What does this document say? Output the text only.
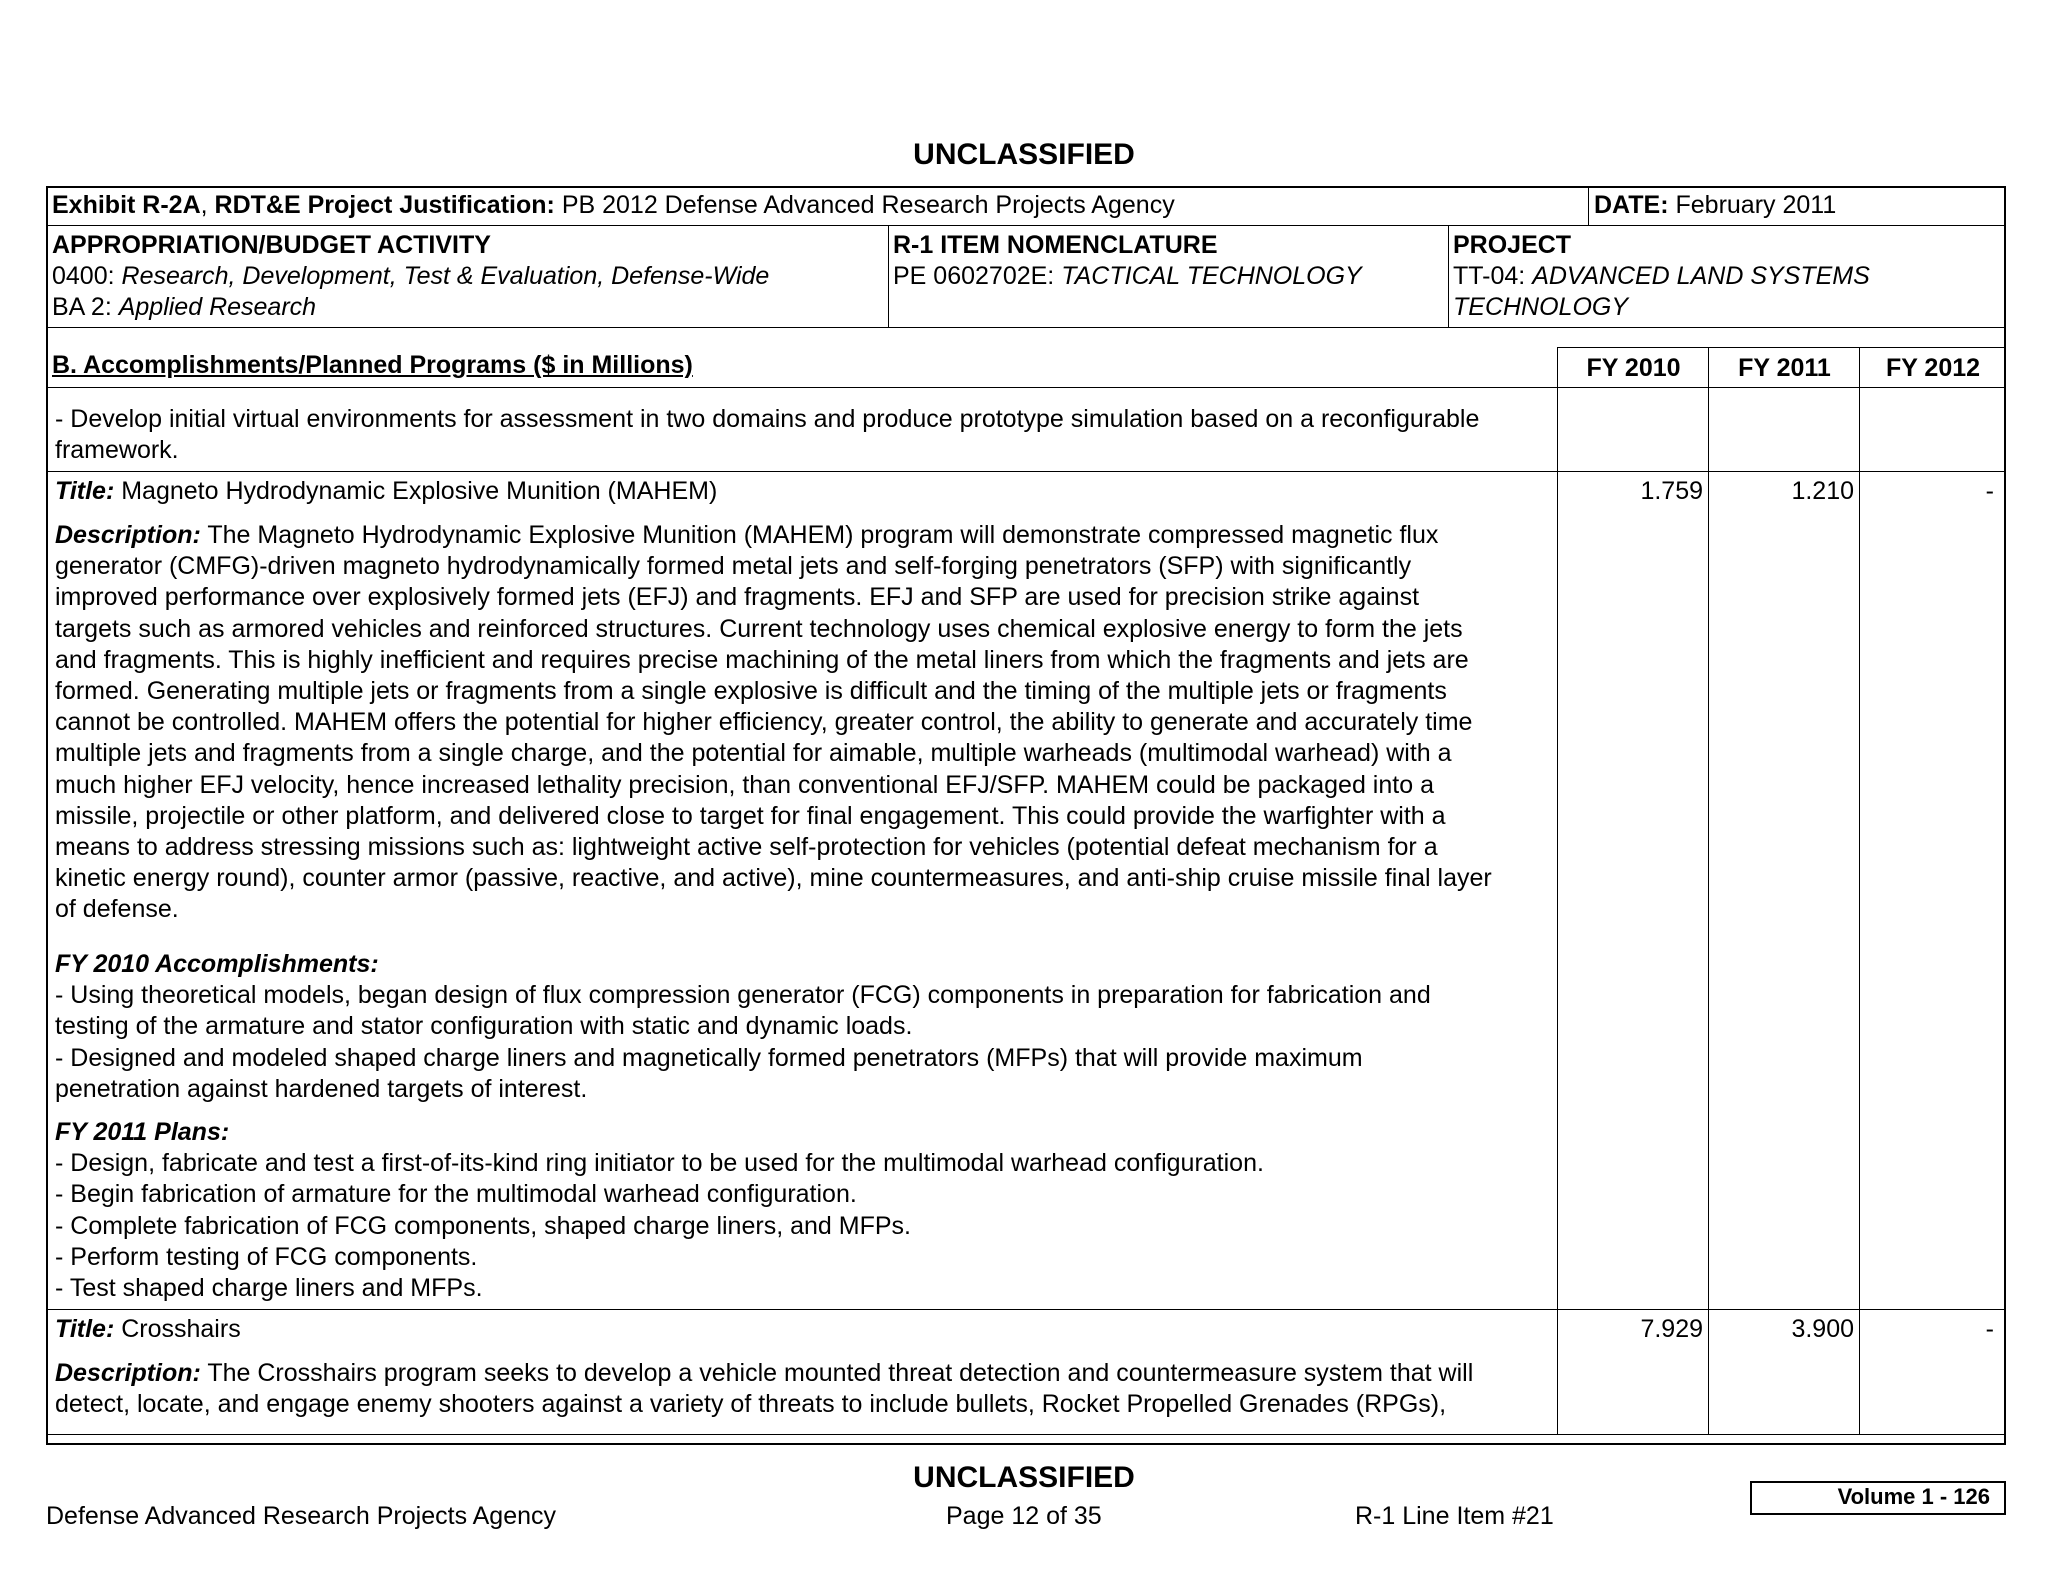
UNCLASSIFIED
Exhibit R-2A, RDT&E Project Justification: PB 2012 Defense Advanced Research Projects Agency	DATE: February 2011
APPROPRIATION/BUDGET ACTIVITY
0400: Research, Development, Test & Evaluation, Defense-Wide
BA 2: Applied Research
R-1 ITEM NOMENCLATURE
PE 0602702E: TACTICAL TECHNOLOGY
PROJECT
TT-04: ADVANCED LAND SYSTEMS
TECHNOLOGY
B. Accomplishments/Planned Programs ($ in Millions)	FY 2010	FY 2011	FY 2012
- Develop initial virtual environments for assessment in two domains and produce prototype simulation based on a reconfigurable
framework.
Title: Magneto Hydrodynamic Explosive Munition (MAHEM)	1.759	1.210	-
Description: The Magneto Hydrodynamic Explosive Munition (MAHEM) program will demonstrate compressed magnetic flux
generator (CMFG)-driven magneto hydrodynamically formed metal jets and self-forging penetrators (SFP) with significantly
improved performance over explosively formed jets (EFJ) and fragments. EFJ and SFP are used for precision strike against
targets such as armored vehicles and reinforced structures. Current technology uses chemical explosive energy to form the jets
and fragments. This is highly inefficient and requires precise machining of the metal liners from which the fragments and jets are
formed. Generating multiple jets or fragments from a single explosive is difficult and the timing of the multiple jets or fragments
cannot be controlled. MAHEM offers the potential for higher efficiency, greater control, the ability to generate and accurately time
multiple jets and fragments from a single charge, and the potential for aimable, multiple warheads (multimodal warhead) with a
much higher EFJ velocity, hence increased lethality precision, than conventional EFJ/SFP. MAHEM could be packaged into a
missile, projectile or other platform, and delivered close to target for final engagement. This could provide the warfighter with a
means to address stressing missions such as: lightweight active self-protection for vehicles (potential defeat mechanism for a
kinetic energy round), counter armor (passive, reactive, and active), mine countermeasures, and anti-ship cruise missile final layer
of defense.
FY 2010 Accomplishments:
- Using theoretical models, began design of flux compression generator (FCG) components in preparation for fabrication and
testing of the armature and stator configuration with static and dynamic loads.
- Designed and modeled shaped charge liners and magnetically formed penetrators (MFPs) that will provide maximum
penetration against hardened targets of interest.
FY 2011 Plans:
- Design, fabricate and test a first-of-its-kind ring initiator to be used for the multimodal warhead configuration.
- Begin fabrication of armature for the multimodal warhead configuration.
- Complete fabrication of FCG components, shaped charge liners, and MFPs.
- Perform testing of FCG components.
- Test shaped charge liners and MFPs.
Title: Crosshairs	7.929	3.900	-
Description: The Crosshairs program seeks to develop a vehicle mounted threat detection and countermeasure system that will
detect, locate, and engage enemy shooters against a variety of threats to include bullets, Rocket Propelled Grenades (RPGs),
UNCLASSIFIED
Defense Advanced Research Projects Agency	Page 12 of 35	R-1 Line Item #21
Volume 1 - 126
